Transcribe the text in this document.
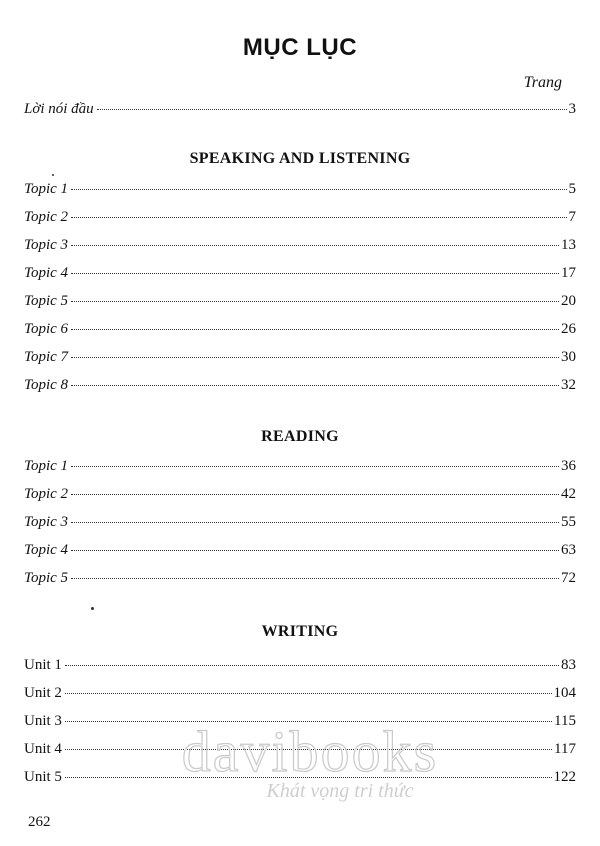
MỤC LỤC
Trang
Lời nói đầu	3
SPEAKING AND LISTENING
Topic 1	5
Topic 2	7
Topic 3	13
Topic 4	17
Topic 5	20
Topic 6	26
Topic 7	30
Topic 8	32
READING
Topic 1	36
Topic 2	42
Topic 3	55
Topic 4	63
Topic 5	72
WRITING
Unit 1	83
Unit 2	104
Unit 3	115
Unit 4	117
Unit 5	122
davibooks
Khát vọng tri thức
262
